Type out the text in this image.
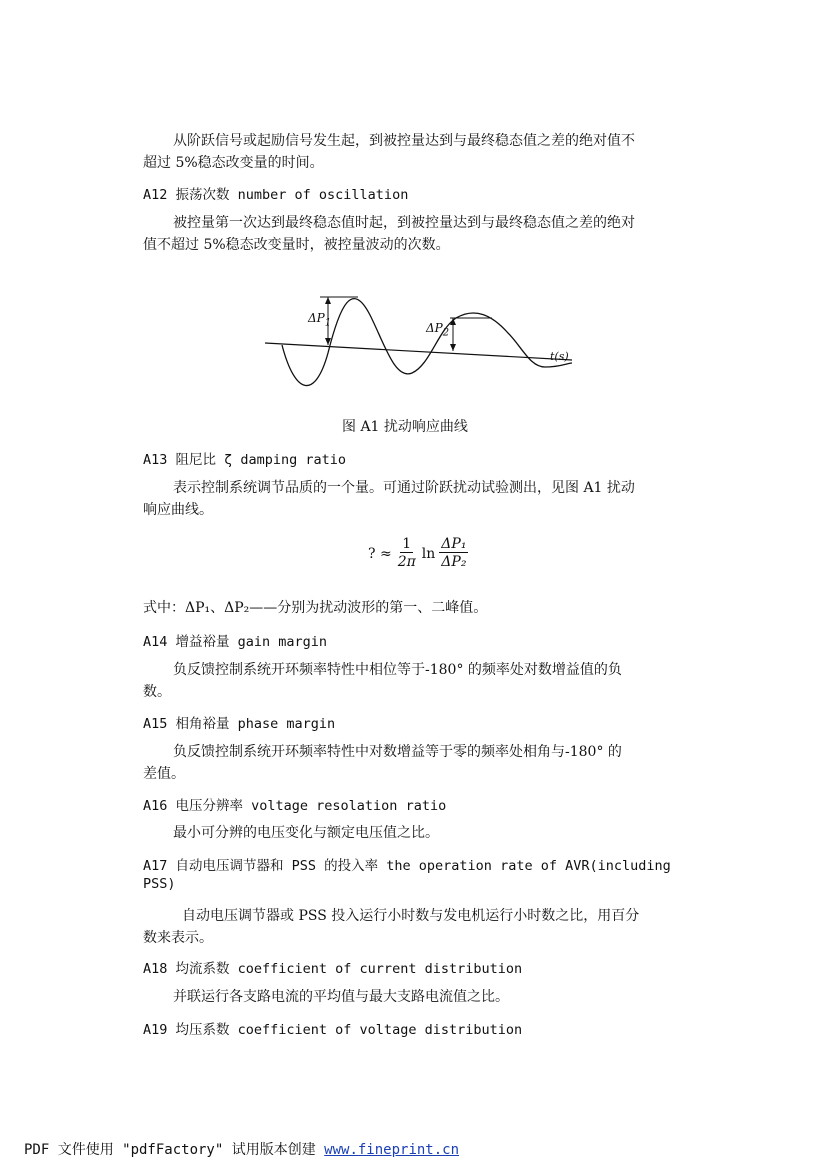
从阶跃信号或起励信号发生起，到被控量达到与最终稳态值之差的绝对值不
超过 5%稳态改变量的时间。
A12 振荡次数 number of oscillation
被控量第一次达到最终稳态值时起，到被控量达到与最终稳态值之差的绝对
值不超过 5%稳态改变量时，被控量波动的次数。
$\Delta P_1$	$\Delta P_2$
t(s)
图 A1 扰动响应曲线
A13 阻尼比 ζ damping ratio
表示控制系统调节品质的一个量。可通过阶跃扰动试验测出，见图 A1 扰动
响应曲线。
? ≈ $\frac{1}{2\pi}$ $\ln \frac{\text{ΔP₁}}{\text{ΔP₂}}$
式中：ΔP₁、ΔP₂——分别为扰动波形的第一、二峰值。
A14 增益裕量 gain margin
负反馈控制系统开环频率特性中相位等于-180° 的频率处对数增益值的负
数。
A15 相角裕量 phase margin
负反馈控制系统开环频率特性中对数增益等于零的频率处相角与-180° 的
差值。
A16 电压分辨率 voltage resolation ratio
最小可分辨的电压变化与额定电压值之比。
A17 自动电压调节器和 PSS 的投入率 the operation rate of AVR(including
PSS)
自动电压调节器或 PSS 投入运行小时数与发电机运行小时数之比，用百分
数来表示。
A18 均流系数 coefficient of current distribution
并联运行各支路电流的平均值与最大支路电流值之比。
A19 均压系数 coefficient of voltage distribution
PDF 文件使用 "pdfFactory" 试用版本创建 www.fineprint.cn
